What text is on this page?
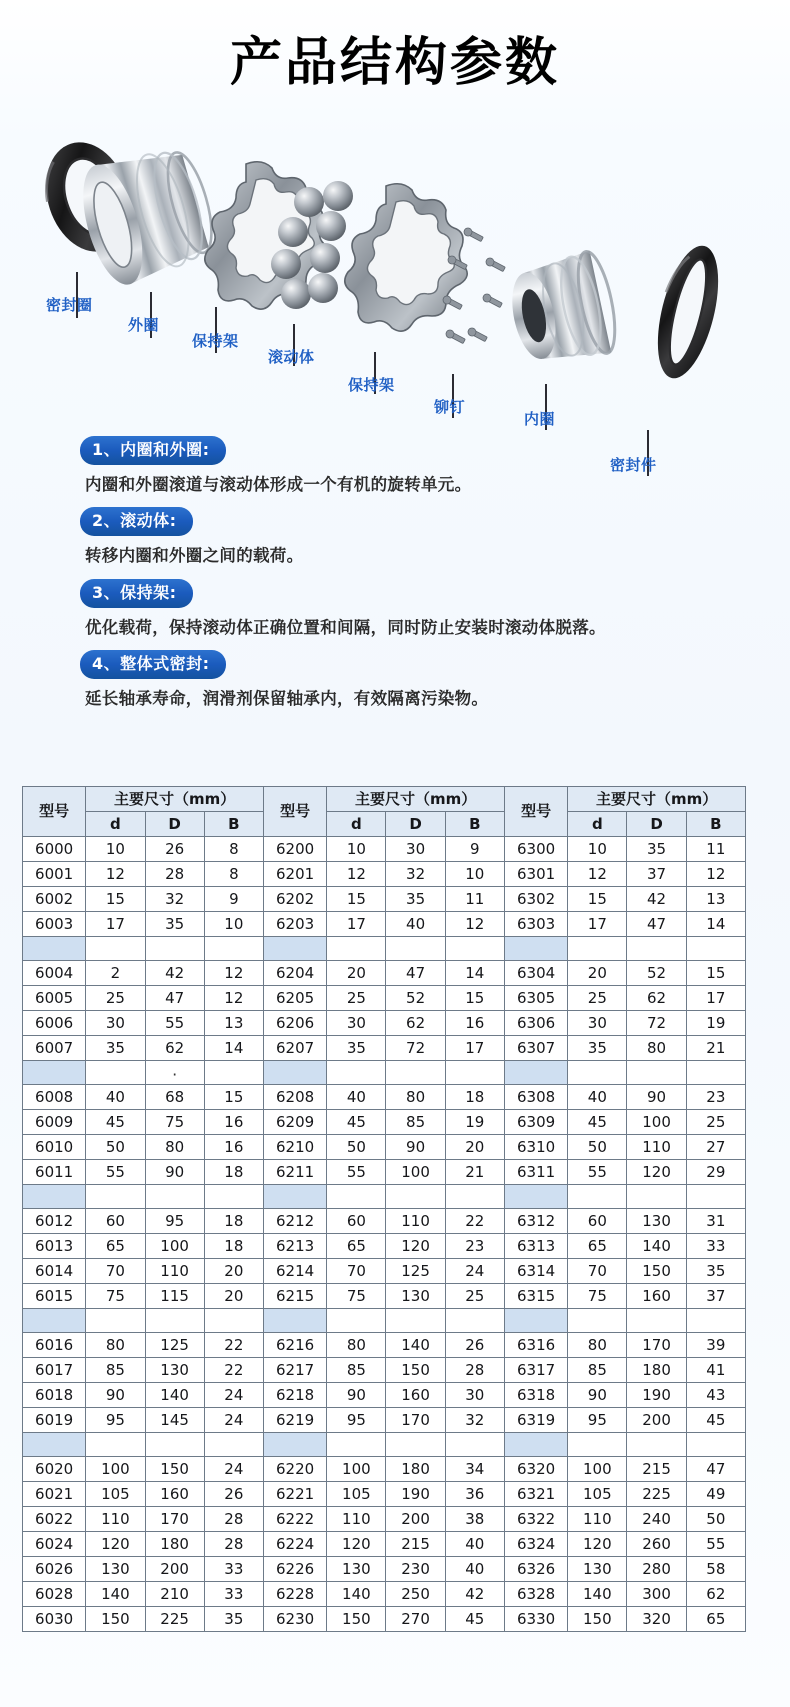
产品结构参数
密封圈
外圈
保持架
滚动体
保持架
铆钉
内圈
密封件
1、内圈和外圈:
内圈和外圈滚道与滚动体形成一个有机的旋转单元。
2、滚动体:
转移内圈和外圈之间的载荷。
3、保持架:
优化载荷，保持滚动体正确位置和间隔，同时防止安装时滚动体脱落。
4、整体式密封:
延长轴承寿命，润滑剂保留轴承内，有效隔离污染物。
型号	主要尺寸（mm）			型号	主要尺寸（mm）			型号	主要尺寸（mm）		
	d	D	B		d	D	B		d	D	B
6000	10	26	8	6200	10	30	9	6300	10	35	11
6001	12	28	8	6201	12	32	10	6301	12	37	12
6002	15	32	9	6202	15	35	11	6302	15	42	13
6003	17	35	10	6203	17	40	12	6303	17	47	14

6004	2	42	12	6204	20	47	14	6304	20	52	15
6005	25	47	12	6205	25	52	15	6305	25	62	17
6006	30	55	13	6206	30	62	16	6306	30	72	19
6007	35	62	14	6207	35	72	17	6307	35	80	21
		·									
6008	40	68	15	6208	40	80	18	6308	40	90	23
6009	45	75	16	6209	45	85	19	6309	45	100	25
6010	50	80	16	6210	50	90	20	6310	50	110	27
6011	55	90	18	6211	55	100	21	6311	55	120	29

6012	60	95	18	6212	60	110	22	6312	60	130	31
6013	65	100	18	6213	65	120	23	6313	65	140	33
6014	70	110	20	6214	70	125	24	6314	70	150	35
6015	75	115	20	6215	75	130	25	6315	75	160	37

6016	80	125	22	6216	80	140	26	6316	80	170	39
6017	85	130	22	6217	85	150	28	6317	85	180	41
6018	90	140	24	6218	90	160	30	6318	90	190	43
6019	95	145	24	6219	95	170	32	6319	95	200	45

6020	100	150	24	6220	100	180	34	6320	100	215	47
6021	105	160	26	6221	105	190	36	6321	105	225	49
6022	110	170	28	6222	110	200	38	6322	110	240	50
6024	120	180	28	6224	120	215	40	6324	120	260	55
6026	130	200	33	6226	130	230	40	6326	130	280	58
6028	140	210	33	6228	140	250	42	6328	140	300	62
6030	150	225	35	6230	150	270	45	6330	150	320	65
